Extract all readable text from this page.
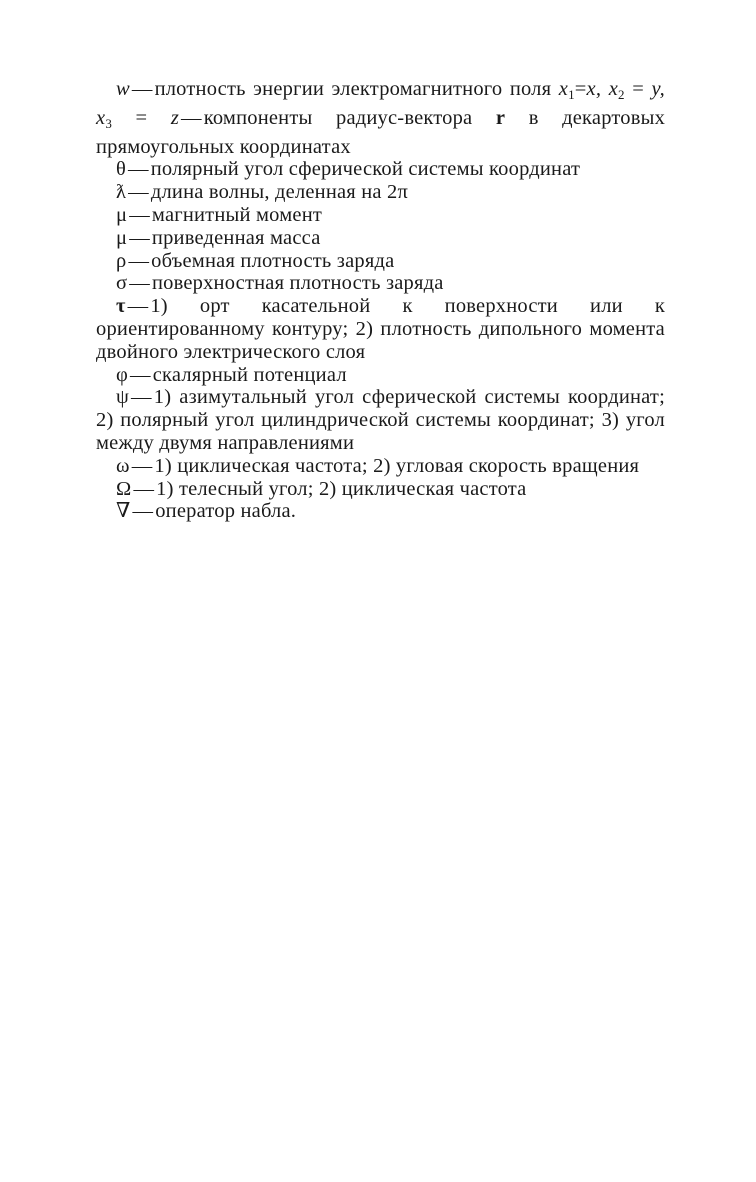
w—плотность энергии электромагнитного поля $x_1=x$, $x_2 = y$, $x_3$ = z—компоненты радиус-вектора r в декартовых прямоугольных координатах

θ—полярный угол сферической системы координат

ƛ—длина волны, деленная на 2π

μ—магнитный момент

μ—приведенная масса

ρ—объемная плотность заряда

σ—поверхностная плотность заряда

τ—1) орт касательной к поверхности или к ориентированному контуру; 2) плотность дипольного момента двойного электрического слоя

φ—скалярный потенциал

ψ—1) азимутальный угол сферической системы координат; 2) полярный угол цилиндрической системы координат; 3) угол между двумя направлениями

ω—1) циклическая частота; 2) угловая скорость вращения

Ω—1) телесный угол; 2) циклическая частота

∇—оператор набла.
